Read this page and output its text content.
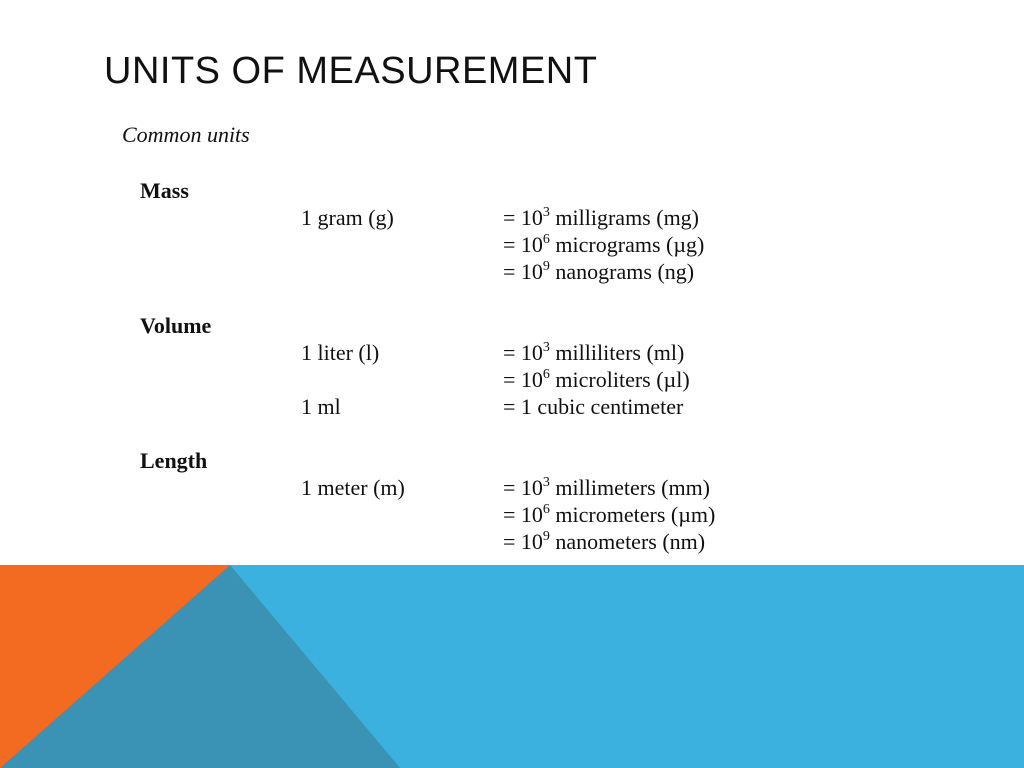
UNITS OF MEASUREMENT
Common units
Mass
1 gram (g)	= $10^3$ milligrams (mg)
= $10^6$ micrograms (µg)
= $10^9$ nanograms (ng)
Volume
1 liter (l)	= $10^3$ milliliters (ml)
= $10^6$ microliters (µl)
1 ml	= 1 cubic centimeter
Length
1 meter (m)	= $10^3$ millimeters (mm)
= $10^6$ micrometers (µm)
= $10^9$ nanometers (nm)
